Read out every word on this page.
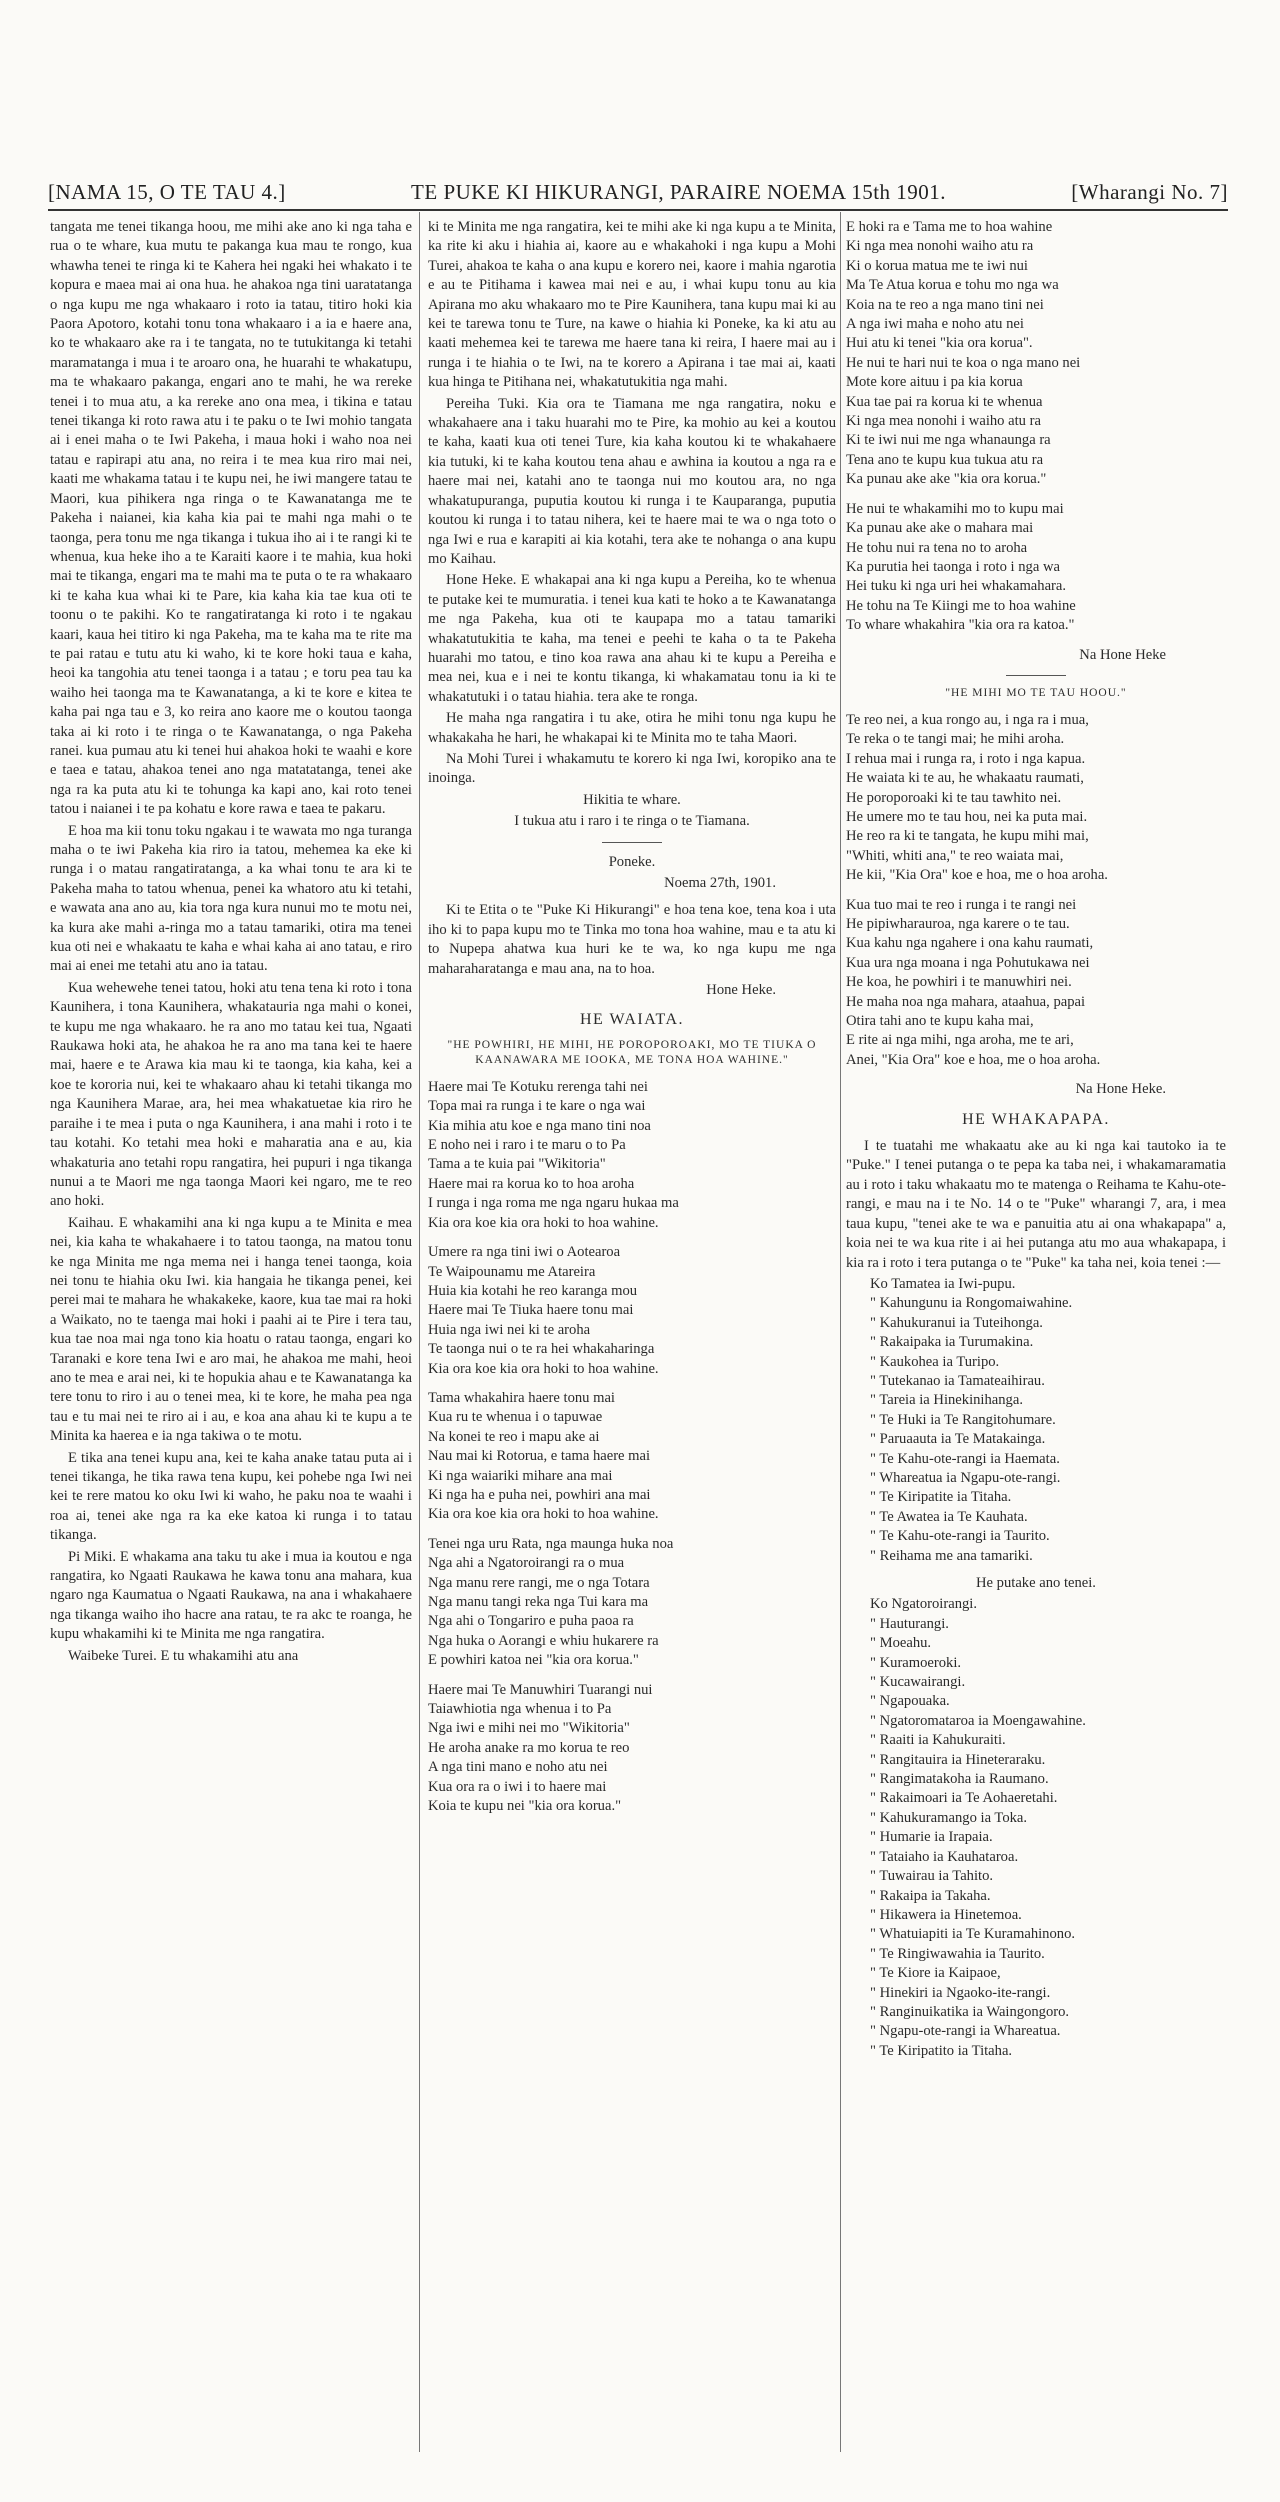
[NAMA 15, O TE TAU 4.]	TE PUKE KI HIKURANGI, PARAIRE NOEMA 15th 1901.	[Wharangi No. 7]

tangata me tenei tikanga hoou, me mihi ake ano ki nga taha e rua o te whare, kua mutu te pakanga kua mau te rongo, kua whawha tenei te ringa ki te Kahera hei ngaki hei whakato i te kopura e maea mai ai ona hua. he ahakoa nga tini uaratatanga o nga kupu me nga whakaaro i roto ia tatau, titiro hoki kia Paora Apotoro, kotahi tonu tona whakaaro i a ia e haere ana, ko te whakaaro ake ra i te tangata, no te tutukitanga ki tetahi maramatanga i mua i te aroaro ona, he huarahi te whakatupu, ma te whakaaro pakanga, engari ano te mahi, he wa rereke tenei i to mua atu, a ka rereke ano ona mea, i tikina e tatau tenei tikanga ki roto rawa atu i te paku o te Iwi mohio tangata ai i enei maha o te Iwi Pakeha, i maua hoki i waho noa nei tatau e rapirapi atu ana, no reira i te mea kua riro mai nei, kaati me whakama tatau i te kupu nei, he iwi mangere tatau te Maori, kua pihikera nga ringa o te Kawanatanga me te Pakeha i naianei, kia kaha kia pai te mahi nga mahi o te taonga, pera tonu me nga tikanga i tukua iho ai i te rangi ki te whenua, kua heke iho a te Karaiti kaore i te mahia, kua hoki mai te tikanga, engari ma te mahi ma te puta o te ra whakaaro ki te kaha kua whai ki te Pare, kia kaha kia tae kua oti te toonu o te pakihi. Ko te rangatiratanga ki roto i te ngakau kaari, kaua hei titiro ki nga Pakeha, ma te kaha ma te rite ma te pai ratau e tutu atu ki waho, ki te kore hoki taua e kaha, heoi ka tangohia atu tenei taonga i a tatau ; e toru pea tau ka waiho hei taonga ma te Kawanatanga, a ki te kore e kitea te kaha pai nga tau e 3, ko reira ano kaore me o koutou taonga taka ai ki roto i te ringa o te Kawanatanga, o nga Pakeha ranei. kua pumau atu ki tenei hui ahakoa hoki te waahi e kore e taea e tatau, ahakoa tenei ano nga matatatanga, tenei ake nga ra ka puta atu ki te tohunga ka kapi ano, kai roto tenei tatou i naianei i te pa kohatu e kore rawa e taea te pakaru.

E hoa ma kii tonu toku ngakau i te wawata mo nga turanga maha o te iwi Pakeha kia riro ia tatou, mehemea ka eke ki runga i o matau rangatiratanga, a ka whai tonu te ara ki te Pakeha maha to tatou whenua, penei ka whatoro atu ki tetahi, e wawata ana ano au, kia tora nga kura nunui mo te motu nei, ka kura ake mahi a-ringa mo a tatau tamariki, otira ma tenei kua oti nei e whakaatu te kaha e whai kaha ai ano tatau, e riro mai ai enei me tetahi atu ano ia tatau.

Kua wehewehe tenei tatou, hoki atu tena tena ki roto i tona Kaunihera, i tona Kaunihera, whakatauria nga mahi o konei, te kupu me nga whakaaro. he ra ano mo tatau kei tua, Ngaati Raukawa hoki ata, he ahakoa he ra ano ma tana kei te haere mai, haere e te Arawa kia mau ki te taonga, kia kaha, kei a koe te kororia nui, kei te whakaaro ahau ki tetahi tikanga mo nga Kaunihera Marae, ara, hei mea whakatuetae kia riro he paraihe i te mea i puta o nga Kaunihera, i ana mahi i roto i te tau kotahi. Ko tetahi mea hoki e maharatia ana e au, kia whakaturia ano tetahi ropu rangatira, hei pupuri i nga tikanga nunui a te Maori me nga taonga Maori kei ngaro, me te reo ano hoki.

Kaihau. E whakamihi ana ki nga kupu a te Minita e mea nei, kia kaha te whakahaere i to tatou taonga, na matou tonu ke nga Minita me nga mema nei i hanga tenei taonga, koia nei tonu te hiahia oku Iwi. kia hangaia he tikanga penei, kei perei mai te mahara he whakakeke, kaore, kua tae mai ra hoki a Waikato, no te taenga mai hoki i paahi ai te Pire i tera tau, kua tae noa mai nga tono kia hoatu o ratau taonga, engari ko Taranaki e kore tena Iwi e aro mai, he ahakoa me mahi, heoi ano te mea e arai nei, ki te hopukia ahau e te Kawanatanga ka tere tonu to riro i au o tenei mea, ki te kore, he maha pea nga tau e tu mai nei te riro ai i au, e koa ana ahau ki te kupu a te Minita ka haerea e ia nga takiwa o te motu.

E tika ana tenei kupu ana, kei te kaha anake tatau puta ai i tenei tikanga, he tika rawa tena kupu, kei pohebe nga Iwi nei kei te rere matou ko oku Iwi ki waho, he paku noa te waahi i roa ai, tenei ake nga ra ka eke katoa ki runga i to tatau tikanga.

Pi Miki. E whakama ana taku tu ake i mua ia koutou e nga rangatira, ko Ngaati Raukawa he kawa tonu ana mahara, kua ngaro nga Kaumatua o Ngaati Raukawa, na ana i whakahaere nga tikanga waiho iho hacre ana ratau, te ra akc te roanga, he kupu whakamihi ki te Minita me nga rangatira.

Waibeke Turei. E tu whakamihi atu ana

ki te Minita me nga rangatira, kei te mihi ake ki nga kupu a te Minita, ka rite ki aku i hiahia ai, kaore au e whakahoki i nga kupu a Mohi Turei, ahakoa te kaha o ana kupu e korero nei, kaore i mahia ngarotia e au te Pitihama i kawea mai nei e au, i whai kupu tonu au kia Apirana mo aku whakaaro mo te Pire Kaunihera, tana kupu mai ki au kei te tarewa tonu te Ture, na kawe o hiahia ki Poneke, ka ki atu au kaati mehemea kei te tarewa me haere tana ki reira, I haere mai au i runga i te hiahia o te Iwi, na te korero a Apirana i tae mai ai, kaati kua hinga te Pitihana nei, whakatutukitia nga mahi.

Pereiha Tuki. Kia ora te Tiamana me nga rangatira, noku e whakahaere ana i taku huarahi mo te Pire, ka mohio au kei a koutou te kaha, kaati kua oti tenei Ture, kia kaha koutou ki te whakahaere kia tutuki, ki te kaha koutou tena ahau e awhina ia koutou a nga ra e haere mai nei, katahi ano te taonga nui mo koutou ara, no nga whakatupuranga, puputia koutou ki runga i te Kauparanga, puputia koutou ki runga i to tatau nihera, kei te haere mai te wa o nga toto o nga Iwi e rua e karapiti ai kia kotahi, tera ake te nohanga o ana kupu mo Kaihau.

Hone Heke. E whakapai ana ki nga kupu a Pereiha, ko te whenua te putake kei te mumuratia. i tenei kua kati te hoko a te Kawanatanga me nga Pakeha, kua oti te kaupapa mo a tatau tamariki whakatutukitia te kaha, ma tenei e peehi te kaha o ta te Pakeha huarahi mo tatou, e tino koa rawa ana ahau ki te kupu a Pereiha e mea nei, kua e i nei te kontu tikanga, ki whakamatau tonu ia ki te whakatutuki i o tatau hiahia. tera ake te ronga.

He maha nga rangatira i tu ake, otira he mihi tonu nga kupu he whakakaha he hari, he whakapai ki te Minita mo te taha Maori.

Na Mohi Turei i whakamutu te korero ki nga Iwi, koropiko ana te inoinga.

Hikitia te whare.

I tukua atu i raro i te ringa o te Tiamana.

Poneke.

Noema 27th, 1901.

Ki te Etita o te "Puke Ki Hikurangi" e hoa tena koe, tena koa i uta iho ki to papa kupu mo te Tinka mo tona hoa wahine, mau e ta atu ki to Nupepa ahatwa kua huri ke te wa, ko nga kupu me nga maharaharatanga e mau ana, na to hoa.

Hone Heke.

HE WAIATA.

"HE POWHIRI, HE MIHI, HE POROPOROAKI, MO TE TIUKA O KAANAWARA ME IOOKA, ME TONA HOA WAHINE."

Haere mai Te Kotuku rerenga tahi nei
Topa mai ra runga i te kare o nga wai
Kia mihia atu koe e nga mano tini noa
E noho nei i raro i te maru o to Pa
Tama a te kuia pai "Wikitoria"
Haere mai ra korua ko to hoa aroha
I runga i nga roma me nga ngaru hukaa ma
Kia ora koe kia ora hoki to hoa wahine.
Umere ra nga tini iwi o Aotearoa
Te Waipounamu me Atareira
Huia kia kotahi he reo karanga mou
Haere mai Te Tiuka haere tonu mai
Huia nga iwi nei ki te aroha
Te taonga nui o te ra hei whakaharinga
Kia ora koe kia ora hoki to hoa wahine.
Tama whakahira haere tonu mai
Kua ru te whenua i o tapuwae
Na konei te reo i mapu ake ai
Nau mai ki Rotorua, e tama haere mai
Ki nga waiariki mihare ana mai
Ki nga ha e puha nei, powhiri ana mai
Kia ora koe kia ora hoki to hoa wahine.
Tenei nga uru Rata, nga maunga huka noa
Nga ahi a Ngatoroirangi ra o mua
Nga manu rere rangi, me o nga Totara
Nga manu tangi reka nga Tui kara ma
Nga ahi o Tongariro e puha paoa ra
Nga huka o Aorangi e whiu hukarere ra
E powhiri katoa nei "kia ora korua."
Haere mai Te Manuwhiri Tuarangi nui
Taiawhiotia nga whenua i to Pa
Nga iwi e mihi nei mo "Wikitoria"
He aroha anake ra mo korua te reo
A nga tini mano e noho atu nei
Kua ora ra o iwi i to haere mai
Koia te kupu nei "kia ora korua."
E hoki ra e Tama me to hoa wahine
Ki nga mea nonohi waiho atu ra
Ki o korua matua me te iwi nui
Ma Te Atua korua e tohu mo nga wa
Koia na te reo a nga mano tini nei
A nga iwi maha e noho atu nei
Hui atu ki tenei "kia ora korua".
He nui te hari nui te koa o nga mano nei
Mote kore aituu i pa kia korua
Kua tae pai ra korua ki te whenua
Ki nga mea nonohi i waiho atu ra
Ki te iwi nui me nga whanaunga ra
Tena ano te kupu kua tukua atu ra
Ka punau ake ake "kia ora korua."
He nui te whakamihi mo to kupu mai
Ka punau ake ake o mahara mai
He tohu nui ra tena no to aroha
Ka purutia hei taonga i roto i nga wa
Hei tuku ki nga uri hei whakamahara.
He tohu na Te Kiingi me to hoa wahine
To whare whakahira "kia ora ra katoa."

Na Hone Heke

"HE MIHI MO TE TAU HOOU."

Te reo nei, a kua rongo au, i nga ra i mua,
Te reka o te tangi mai; he mihi aroha.
I rehua mai i runga ra, i roto i nga kapua.
He waiata ki te au, he whakaatu raumati,
He poroporoaki ki te tau tawhito nei.
He umere mo te tau hou, nei ka puta mai.
He reo ra ki te tangata, he kupu mihi mai,
"Whiti, whiti ana," te reo waiata mai,
He kii, "Kia Ora" koe e hoa, me o hoa aroha.
Kua tuo mai te reo i runga i te rangi nei
He pipiwharauroa, nga karere o te tau.
Kua kahu nga ngahere i ona kahu raumati,
Kua ura nga moana i nga Pohutukawa nei
He koa, he powhiri i te manuwhiri nei.
He maha noa nga mahara, ataahua, papai
Otira tahi ano te kupu kaha mai,
E rite ai nga mihi, nga aroha, me te ari,
Anei, "Kia Ora" koe e hoa, me o hoa aroha.

Na Hone Heke.

HE WHAKAPAPA.

I te tuatahi me whakaatu ake au ki nga kai tautoko ia te "Puke." I tenei putanga o te pepa ka taba nei, i whakamaramatia au i roto i taku whakaatu mo te matenga o Reihama te Kahu-ote-rangi, e mau na i te No. 14 o te "Puke" wharangi 7, ara, i mea taua kupu, "tenei ake te wa e panuitia atu ai ona whakapapa" a, koia nei te wa kua rite i ai hei putanga atu mo aua whakapapa, i kia ra i roto i tera putanga o te "Puke" ka taha nei, koia tenei :—

Ko Tamatea ia Iwi-pupu.
" Kahungunu ia Rongomaiwahine.
" Kahukuranui ia Tuteihonga.
" Rakaipaka ia Turumakina.
" Kaukohea ia Turipo.
" Tutekanao ia Tamateaihirau.
" Tareia ia Hinekinihanga.
" Te Huki ia Te Rangitohumare.
" Paruaauta ia Te Matakainga.
" Te Kahu-ote-rangi ia Haemata.
" Whareatua ia Ngapu-ote-rangi.
" Te Kiripatite ia Titaha.
" Te Awatea ia Te Kauhata.
" Te Kahu-ote-rangi ia Taurito.
" Reihama me ana tamariki.

He putake ano tenei.

Ko Ngatoroirangi.
" Hauturangi.
" Moeahu.
" Kuramoeroki.
" Kucawairangi.
" Ngapouaka.
" Ngatoromataroa ia Moengawahine.
" Raaiti ia Kahukuraiti.
" Rangitauira ia Hineteraraku.
" Rangimatakoha ia Raumano.
" Rakaimoari ia Te Aohaeretahi.
" Kahukuramango ia Toka.
" Humarie ia Irapaia.
" Tataiaho ia Kauhataroa.
" Tuwairau ia Tahito.
" Rakaipa ia Takaha.
" Hikawera ia Hinetemoa.
" Whatuiapiti ia Te Kuramahinono.
" Te Ringiwawahia ia Taurito.
" Te Kiore ia Kaipaoe,
" Hinekiri ia Ngaoko-ite-rangi.
" Ranginuikatika ia Waingongoro.
" Ngapu-ote-rangi ia Whareatua.
" Te Kiripatito ia Titaha.
